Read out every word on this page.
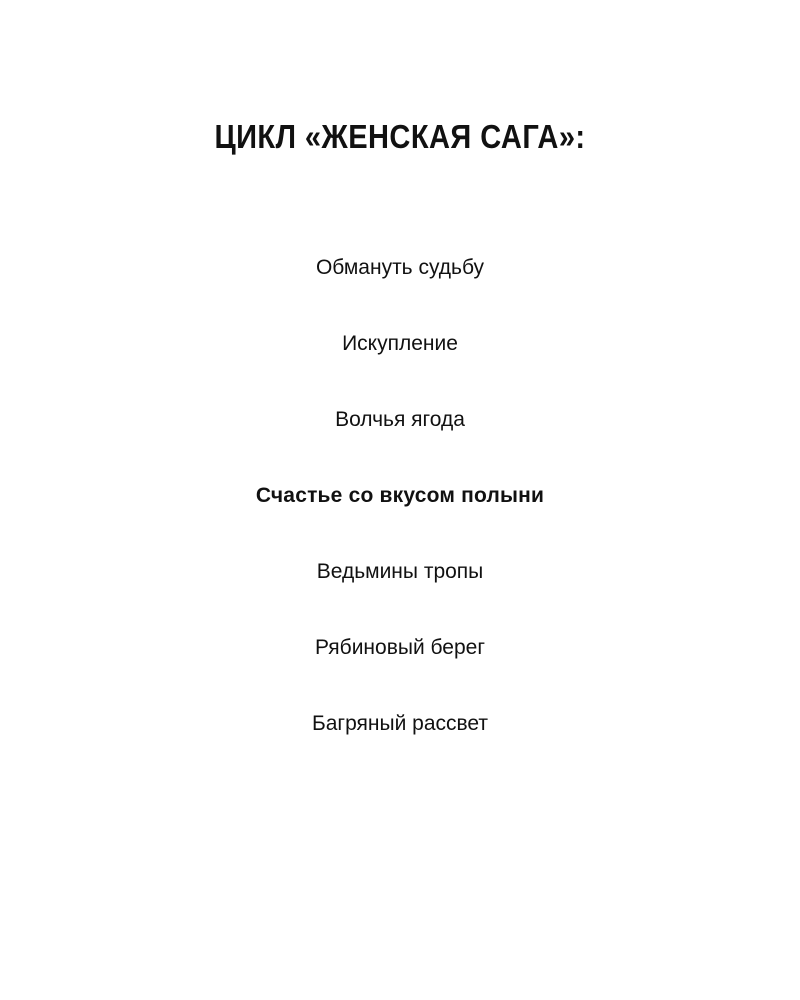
ЦИКЛ «ЖЕНСКАЯ САГА»:
Обмануть судьбу
Искупление
Волчья ягода
Счастье со вкусом полыни
Ведьмины тропы
Рябиновый берег
Багряный рассвет
